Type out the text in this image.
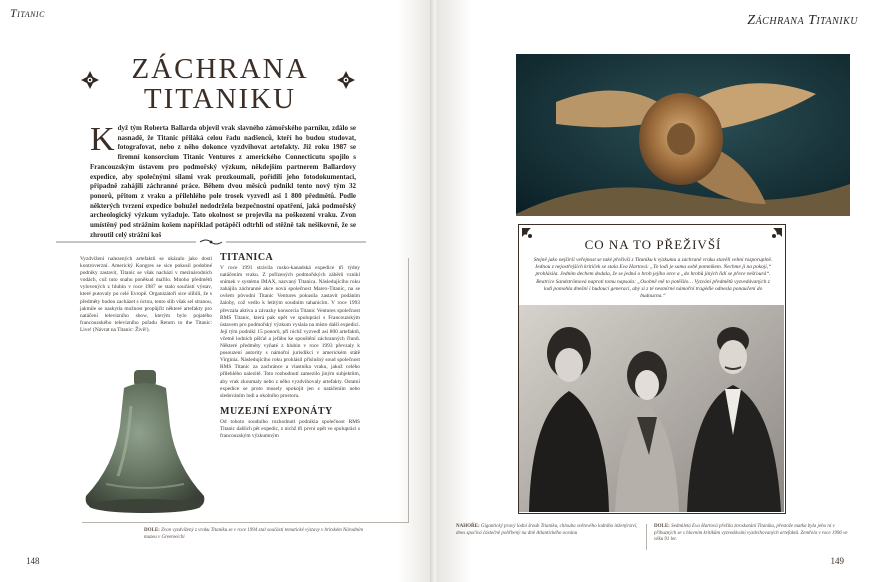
Titanic
ZÁCHRANA
TITANIKU
Když tým Roberta Ballarda objevil vrak slavného zámořského parníku, zdálo se nasnadě, že Titanic přiláká celou řadu nadšenců, kteří ho budou studovat, fotografovat, nebo z něho dokonce vyzdvihovat artefakty. Již roku 1987 se firemní konsorcium Titanic Ventures z amerického Connecticutu spojilo s Francouzským ústavem pro podmořský výzkum, někdejším partnerem Ballardovy expedice, aby společnými silami vrak prozkoumali, pořídili jeho fotodokumentaci, případně zahájili záchranné práce. Během dvou měsíců podnikl tento nový tým 32 ponorů, přitom z vraku a přilehlého pole trosek vyzvedl asi 1 800 předmětů. Podle některých tvrzení expedice bohužel nedodržela bezpečnostní opatření, jaká podmořský archeologický výzkum vyžaduje. Tato okolnost se projevila na poškození vraku. Zvon umístěný pod strážním košem například potápěči odtrhli od stěžně tak nešikovně, že se zhroutil celý strážní koš
Vyzdvižení nalezených artefaktů se ukázalo jako dosti kontroverzní. Americký Kongres se sice pokusil podobné podniky zastavit, Titanic se však nachází v mezinárodních vodách, což tuto snahu poněkud mařilo. Mnoho předmětů vylovených z hlubin v roce 1987 se stalo součástí výstav, které putovaly po celé Evropě. Organizátoři sice slíbili, že s předměty budou zacházet s úctou, tento slib však sel stranou, jakmile se naskytla možnost propůjčit některé artefakty pro natáčení televizního show, kterým bylo pojatého francouzského televizního pořadu Return to the Titanic: Live! (Návrat na Titanic: Živě!).
TITANICA
V roce 1991 strávila rusko-kanadská expedice tři týdny natáčením vraku. Z pořízených podmořských záběrů vznikl snímek v systému IMAX, nazvaný Titanica. Následujícího roku zahájila záchranné akce nová společnost Marex-Titanic, na se ovšem původní Titanic Ventures pokusila zastavit podáním žaloby, což vedlo k letitým soudním tahanicím. V roce 1993 převzala aktiva a závazky konsorcia Titanic Ventures společnost RMS Titanic, která pak opět ve spolupráci s Francouzským ústavem pro podmořský výzkum vyslala na místo další expedici. Její tým podnikl 15 ponorů, při nichž vyzvedl asi 800 artefaktů, včetně lodních píšťal a jeřábu ke spouštění záchranných člunů. Některé předměty vyňaté z hlubin v roce 1993 převzaly k posouzení autority s námořní jurisdikcí v americkém státě Virginia. Následujícího roku prohlásil příslušný soud společnost RMS Titanic za zachránce a vlastníka vraku, jakož celého přilehlého nalezitě. Toto rozhodnutí zamezilo jiným subjektům, aby vrak zkoumaly nebo z něho vyzdvihovaly artefakty. Ostatní expedice se proto musely spokojit jen s natáčením nebo sledováním lodi a okolního prostoru.
MUZEJNÍ EXPONÁTY
Od tohoto soudního rozhodnutí podnikla společnost RMS Titanic dalších pět expedic, z nichž tři první opět ve spolupráci s francouzským výzkumným
DOLE: Zvon vyzdvižený z vraku Titaniku se v roce 1994 stal součástí tematické výstavy v britském Národním muzeu v Greenwichi
148
Záchrana Titaniku
149
CO NA TO PŘEŽIVŠÍ
Stejně jako nejširší veřejnost se také přeživší z Titaniku k výzkumu a záchraně vraku stavěli velmi rozporuplně. Jednou z nejostřejších kritiček se stala Eva Hartová: „To lodi je sama sobě pomníkem. Nechme ji na pokoji,“ prohlásila. Jedním dechem dodala, že se jedná o hrob jejího otce a „do hrobů jiných lidí se přece nešťourá“. Beatrice Sandströmová naproti tomu napsala: „Osobně mě to potěšilo… Vyzvání předmětů vyzvedávaných z lodi pomohla dnešní i budoucí generaci, aby si z té nesmírné námořní tragédie odnesla ponaučení do budoucna.“
NAHOŘE: Gigantický pravý lodní šroub Titaniku, chlouba světového lodního inženýrství, dnes spočívá částečně pohřbený na dně Atlantického oceánu
DOLE: Sedmiletá Eva Hartová přežila ztroskotání Titaniku, přestože matka byla jeho ní v příbuzných se s hlavním kritikům vyzvedávání vyzdvihovaných artefaktů. Zemřela v roce 1996 ve věku 91 let.
